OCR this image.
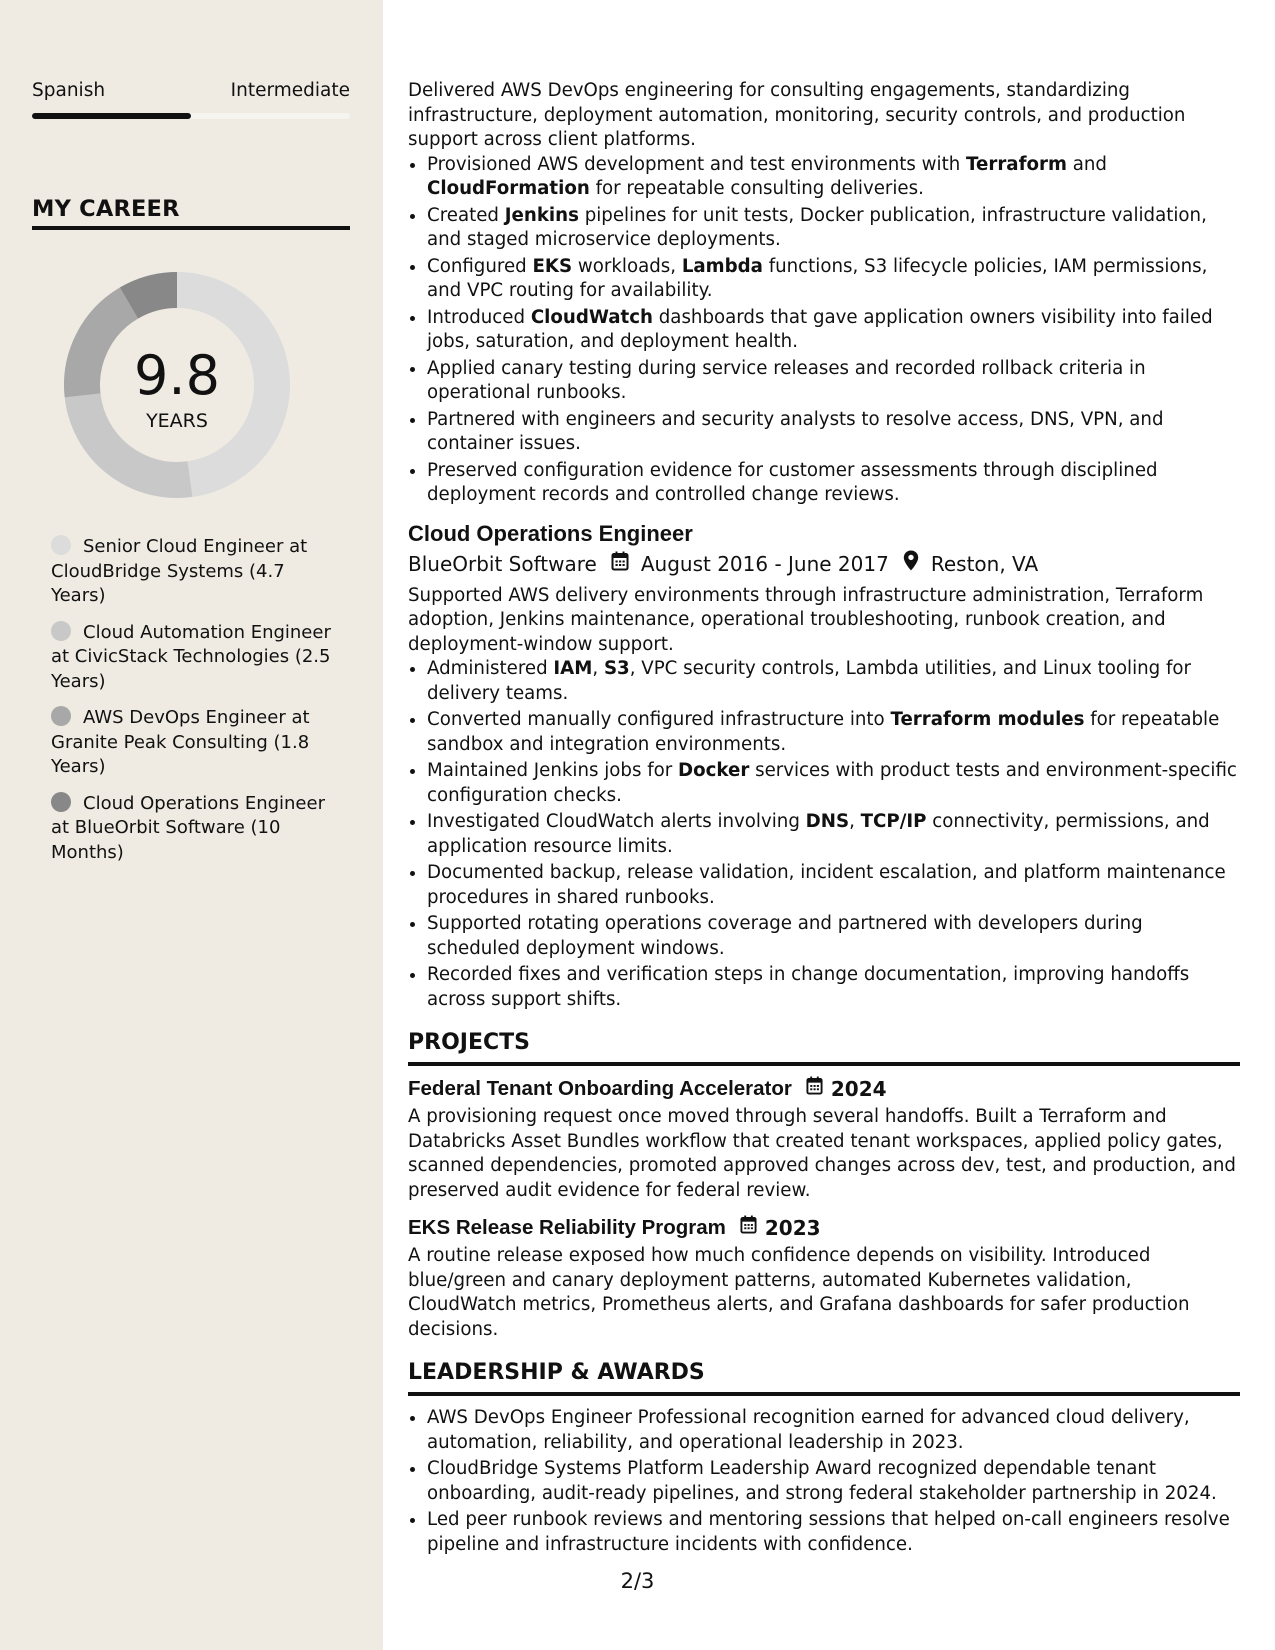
Spanish	Intermediate
MY CAREER
9.8
YEARS
Senior Cloud Engineer at CloudBridge Systems (4.7 Years)
Cloud Automation Engineer at CivicStack Technologies (2.5 Years)
AWS DevOps Engineer at Granite Peak Consulting (1.8 Years)
Cloud Operations Engineer at BlueOrbit Software (10 Months)

Delivered AWS DevOps engineering for consulting engagements, standardizing infrastructure, deployment automation, monitoring, security controls, and production support across client platforms.

• Provisioned AWS development and test environments with Terraform and CloudFormation for repeatable consulting deliveries.
• Created Jenkins pipelines for unit tests, Docker publication, infrastructure validation, and staged microservice deployments.
• Configured EKS workloads, Lambda functions, S3 lifecycle policies, IAM permissions, and VPC routing for availability.
• Introduced CloudWatch dashboards that gave application owners visibility into failed jobs, saturation, and deployment health.
• Applied canary testing during service releases and recorded rollback criteria in operational runbooks.
• Partnered with engineers and security analysts to resolve access, DNS, VPN, and container issues.
• Preserved configuration evidence for customer assessments through disciplined deployment records and controlled change reviews.
Cloud Operations Engineer
BlueOrbit Software August 2016 - June 2017 Reston, VA

Supported AWS delivery environments through infrastructure administration, Terraform adoption, Jenkins maintenance, operational troubleshooting, runbook creation, and deployment-window support.

• Administered IAM, S3, VPC security controls, Lambda utilities, and Linux tooling for delivery teams.
• Converted manually configured infrastructure into Terraform modules for repeatable sandbox and integration environments.
• Maintained Jenkins jobs for Docker services with product tests and environment-specific configuration checks.
• Investigated CloudWatch alerts involving DNS, TCP/IP connectivity, permissions, and application resource limits.
• Documented backup, release validation, incident escalation, and platform maintenance procedures in shared runbooks.
• Supported rotating operations coverage and partnered with developers during scheduled deployment windows.
• Recorded fixes and verification steps in change documentation, improving handoffs across support shifts.
PROJECTS
Federal Tenant Onboarding Accelerator 2024

A provisioning request once moved through several handoffs. Built a Terraform and Databricks Asset Bundles workflow that created tenant workspaces, applied policy gates, scanned dependencies, promoted approved changes across dev, test, and production, and preserved audit evidence for federal review.

EKS Release Reliability Program 2023

A routine release exposed how much confidence depends on visibility. Introduced blue/green and canary deployment patterns, automated Kubernetes validation, CloudWatch metrics, Prometheus alerts, and Grafana dashboards for safer production decisions.

LEADERSHIP & AWARDS
• AWS DevOps Engineer Professional recognition earned for advanced cloud delivery, automation, reliability, and operational leadership in 2023.
• CloudBridge Systems Platform Leadership Award recognized dependable tenant onboarding, audit-ready pipelines, and strong federal stakeholder partnership in 2024.
• Led peer runbook reviews and mentoring sessions that helped on-call engineers resolve pipeline and infrastructure incidents with confidence.
2/3
